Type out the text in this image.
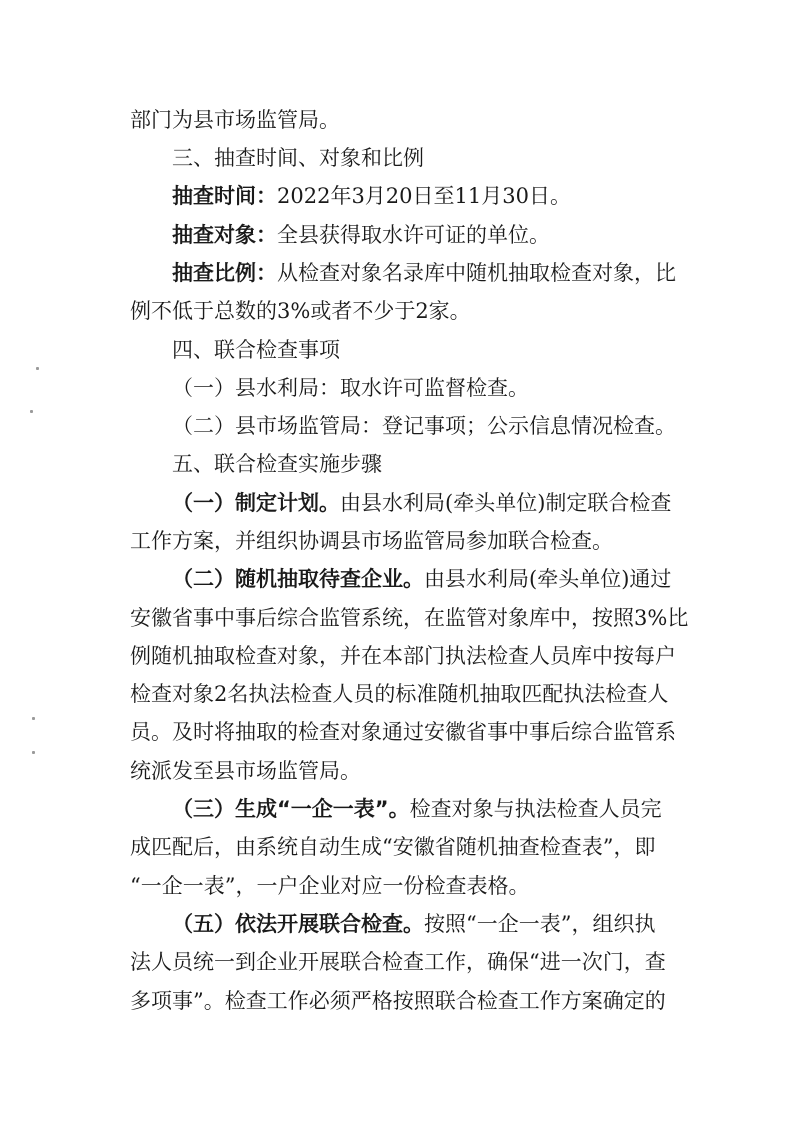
部门为县市场监管局。
三、抽查时间、对象和比例
抽查时间：2022年3月20日至11月30日。
抽查对象：全县获得取水许可证的单位。
抽查比例：从检查对象名录库中随机抽取检查对象，比
例不低于总数的3%或者不少于2家。
四、联合检查事项
（一）县水利局：取水许可监督检查。
（二）县市场监管局：登记事项；公示信息情况检查。
五、联合检查实施步骤
（一）制定计划。由县水利局(牵头单位)制定联合检查
工作方案，并组织协调县市场监管局参加联合检查。
（二）随机抽取待查企业。由县水利局(牵头单位)通过
安徽省事中事后综合监管系统，在监管对象库中，按照3%比
例随机抽取检查对象，并在本部门执法检查人员库中按每户
检查对象2名执法检查人员的标准随机抽取匹配执法检查人
员。及时将抽取的检查对象通过安徽省事中事后综合监管系
统派发至县市场监管局。
（三）生成“一企一表”。检查对象与执法检查人员完
成匹配后，由系统自动生成“安徽省随机抽查检查表”，即
“一企一表”，一户企业对应一份检查表格。
（五）依法开展联合检查。按照“一企一表”，组织执
法人员统一到企业开展联合检查工作，确保“进一次门，查
多项事”。检查工作必须严格按照联合检查工作方案确定的
